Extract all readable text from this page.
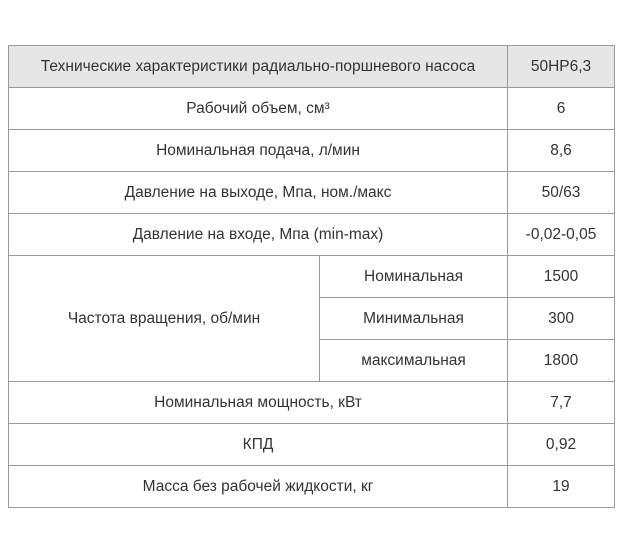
Технические характеристики радиально-поршневого насоса		50НР6,3
Рабочий объем, см³		6
Номинальная подача, л/мин		8,6
Давление на выходе, Мпа, ном./макс		50/63
Давление на входе, Мпа (min-max)		-0,02-0,05
Частота вращения, об/мин	Номинальная	1500
	Минимальная	300
	максимальная	1800
Номинальная мощность, кВт		7,7
КПД		0,92
Масса без рабочей жидкости, кг		19
